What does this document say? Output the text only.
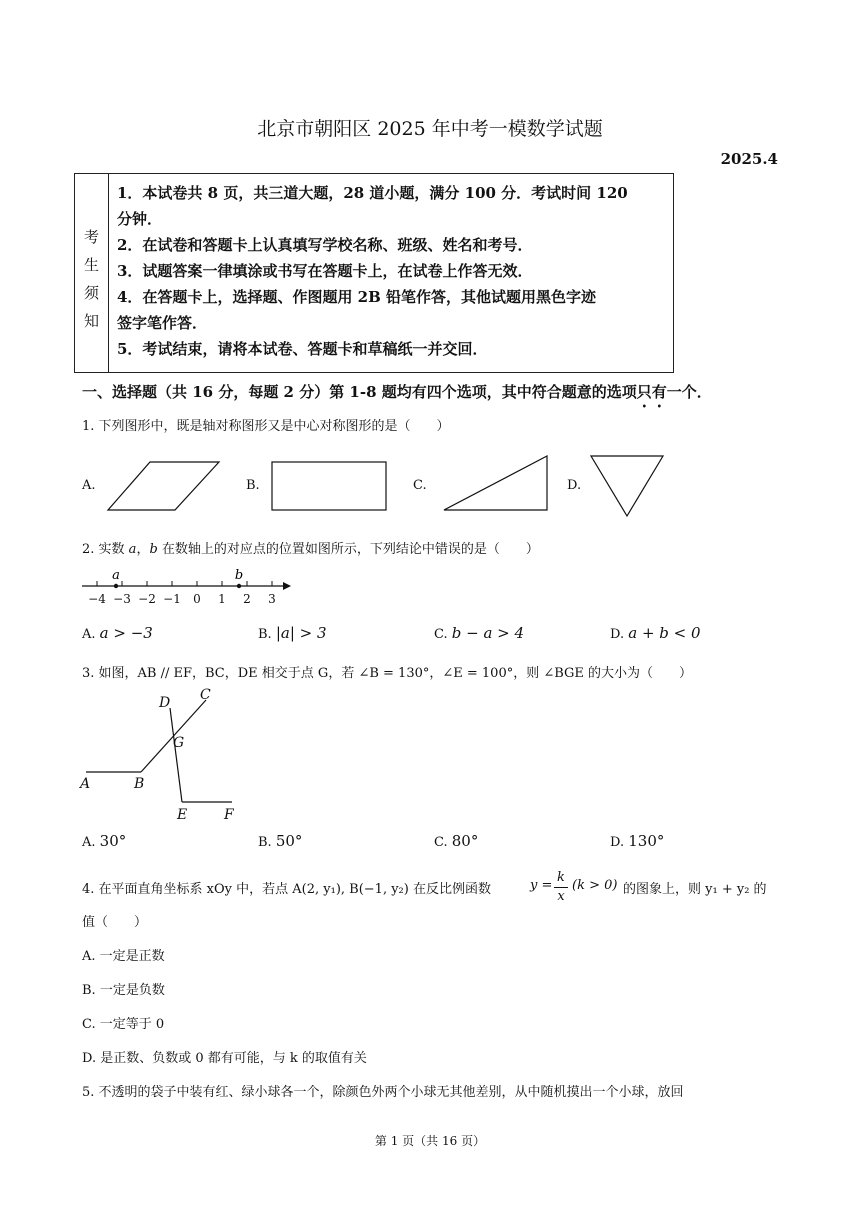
北京市朝阳区 2025 年中考一模数学试题
2025.4
考
生
须
知
1．本试卷共 8 页，共三道大题，28 道小题，满分 100 分．考试时间 120
分钟．
2．在试卷和答题卡上认真填写学校名称、班级、姓名和考号．
3．试题答案一律填涂或书写在答题卡上，在试卷上作答无效．
4．在答题卡上，选择题、作图题用 2B 铅笔作答，其他试题用黑色字迹
签字笔作答．
5．考试结束，请将本试卷、答题卡和草稿纸一并交回．
一、选择题（共 16 分，每题 2 分）第 1-8 题均有四个选项，其中符合题意的选项只有一个．
1. 下列图形中，既是轴对称图形又是中心对称图形的是（　　）
A.	B.	C.	D.
2. 实数 a，b 在数轴上的对应点的位置如图所示，下列结论中错误的是（　　）
−4 −3 −2 −1 0 1 2 3
a	b
A. a > −3	B. |a| > 3	C. b − a > 4	D. a + b < 0
3. 如图，AB // EF，BC，DE 相交于点 G，若 ∠B = 130°，∠E = 100°，则 ∠BGE 的大小为（　　）
A	B
C
D
E	F
G
A. 30°	B. 50°	C. 80°	D. 130°
4. 在平面直角坐标系 xOy 中，若点 A(2, y₁), B(−1, y₂) 在反比例函数	y =
k
x
(k > 0) 的图象上，则 y₁ + y₂ 的
值（　　）
A. 一定是正数
B. 一定是负数
C. 一定等于 0
D. 是正数、负数或 0 都有可能，与 k 的取值有关
5. 不透明的袋子中装有红、绿小球各一个，除颜色外两个小球无其他差别，从中随机摸出一个小球，放回
第 1 页（共 16 页）
